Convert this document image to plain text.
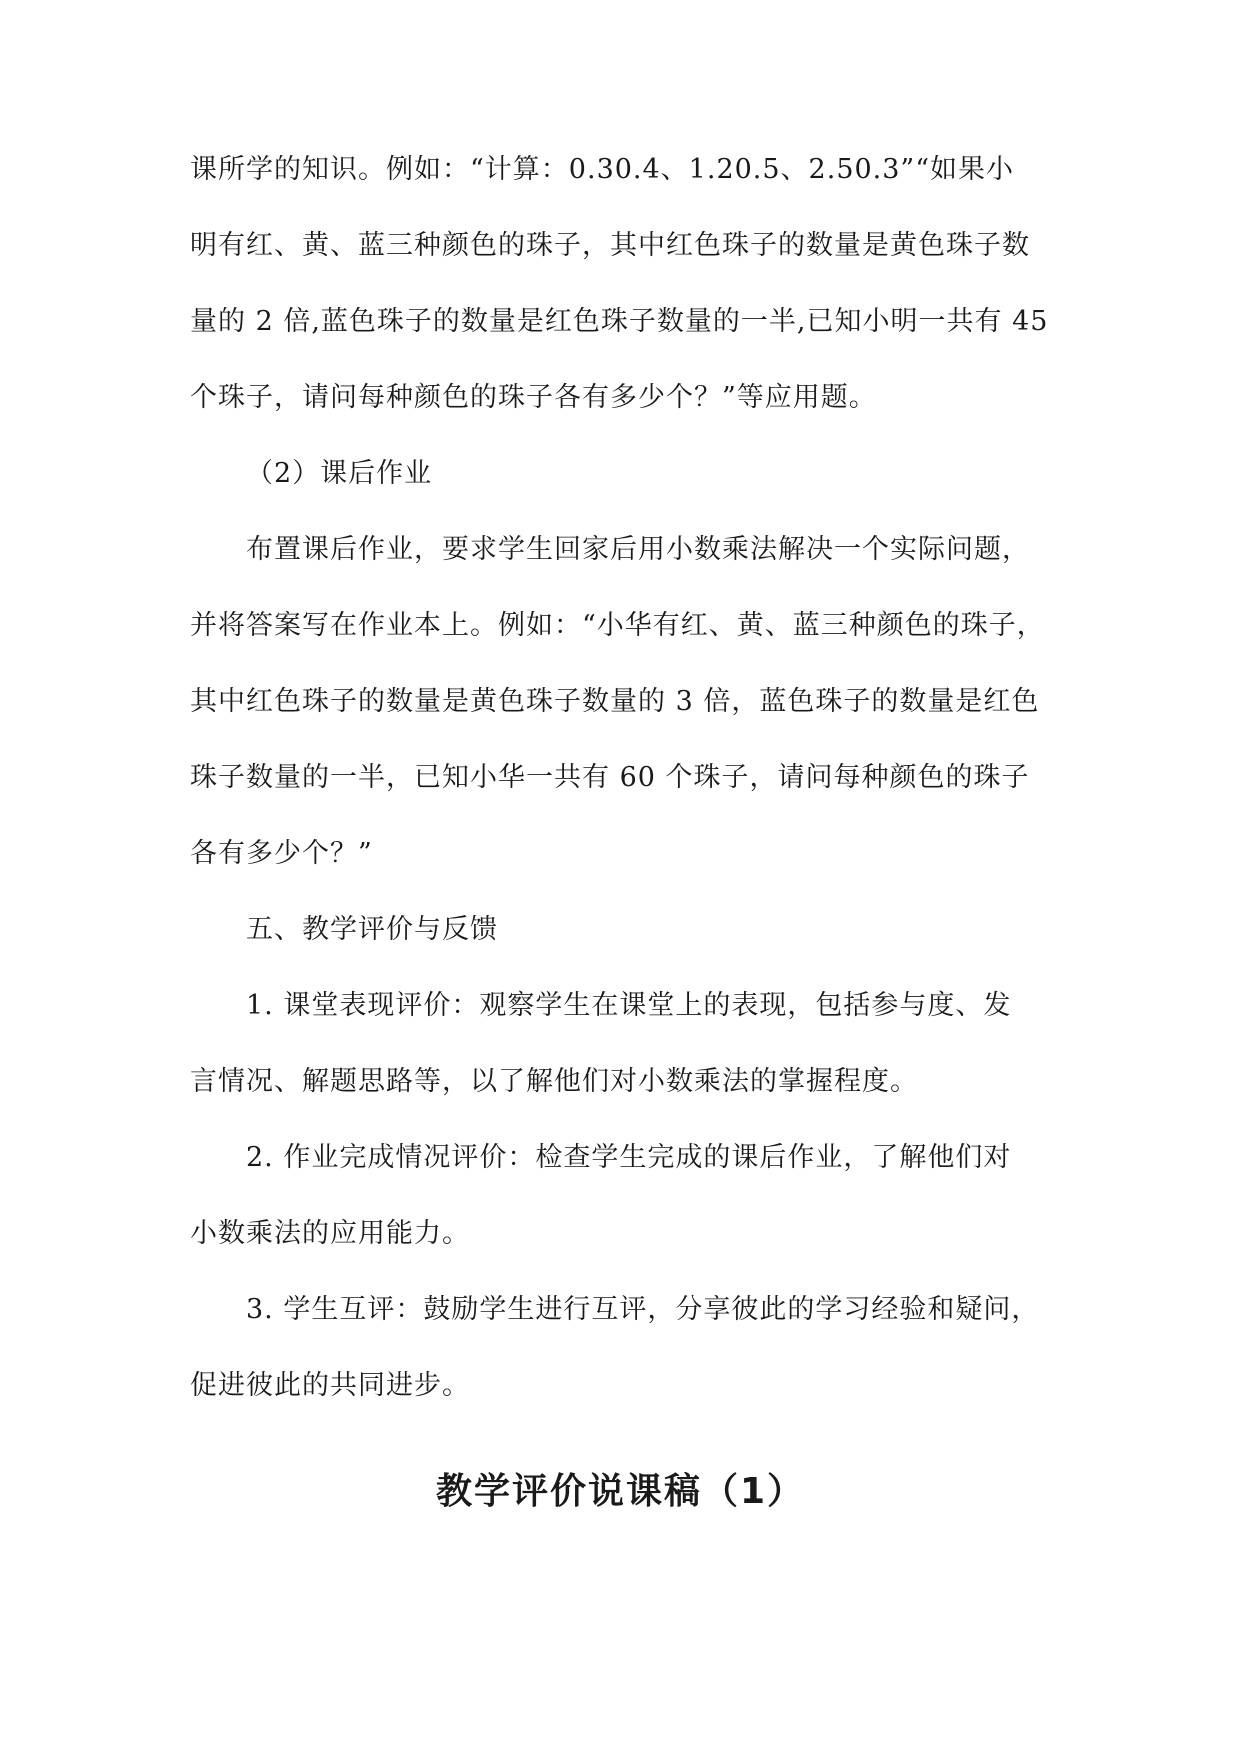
课所学的知识。例如：“计算：0.30.4、1.20.5、2.50.3”“如果小
明有红、黄、蓝三种颜色的珠子，其中红色珠子的数量是黄色珠子数
量的 2 倍,蓝色珠子的数量是红色珠子数量的一半,已知小明一共有 45
个珠子，请问每种颜色的珠子各有多少个？”等应用题。
（2）课后作业
布置课后作业，要求学生回家后用小数乘法解决一个实际问题，
并将答案写在作业本上。例如：“小华有红、黄、蓝三种颜色的珠子，
其中红色珠子的数量是黄色珠子数量的 3 倍，蓝色珠子的数量是红色
珠子数量的一半，已知小华一共有 60 个珠子，请问每种颜色的珠子
各有多少个？”
五、教学评价与反馈
1. 课堂表现评价：观察学生在课堂上的表现，包括参与度、发
言情况、解题思路等，以了解他们对小数乘法的掌握程度。
2. 作业完成情况评价：检查学生完成的课后作业，了解他们对
小数乘法的应用能力。
3. 学生互评：鼓励学生进行互评，分享彼此的学习经验和疑问，
促进彼此的共同进步。
教学评价说课稿（1）
